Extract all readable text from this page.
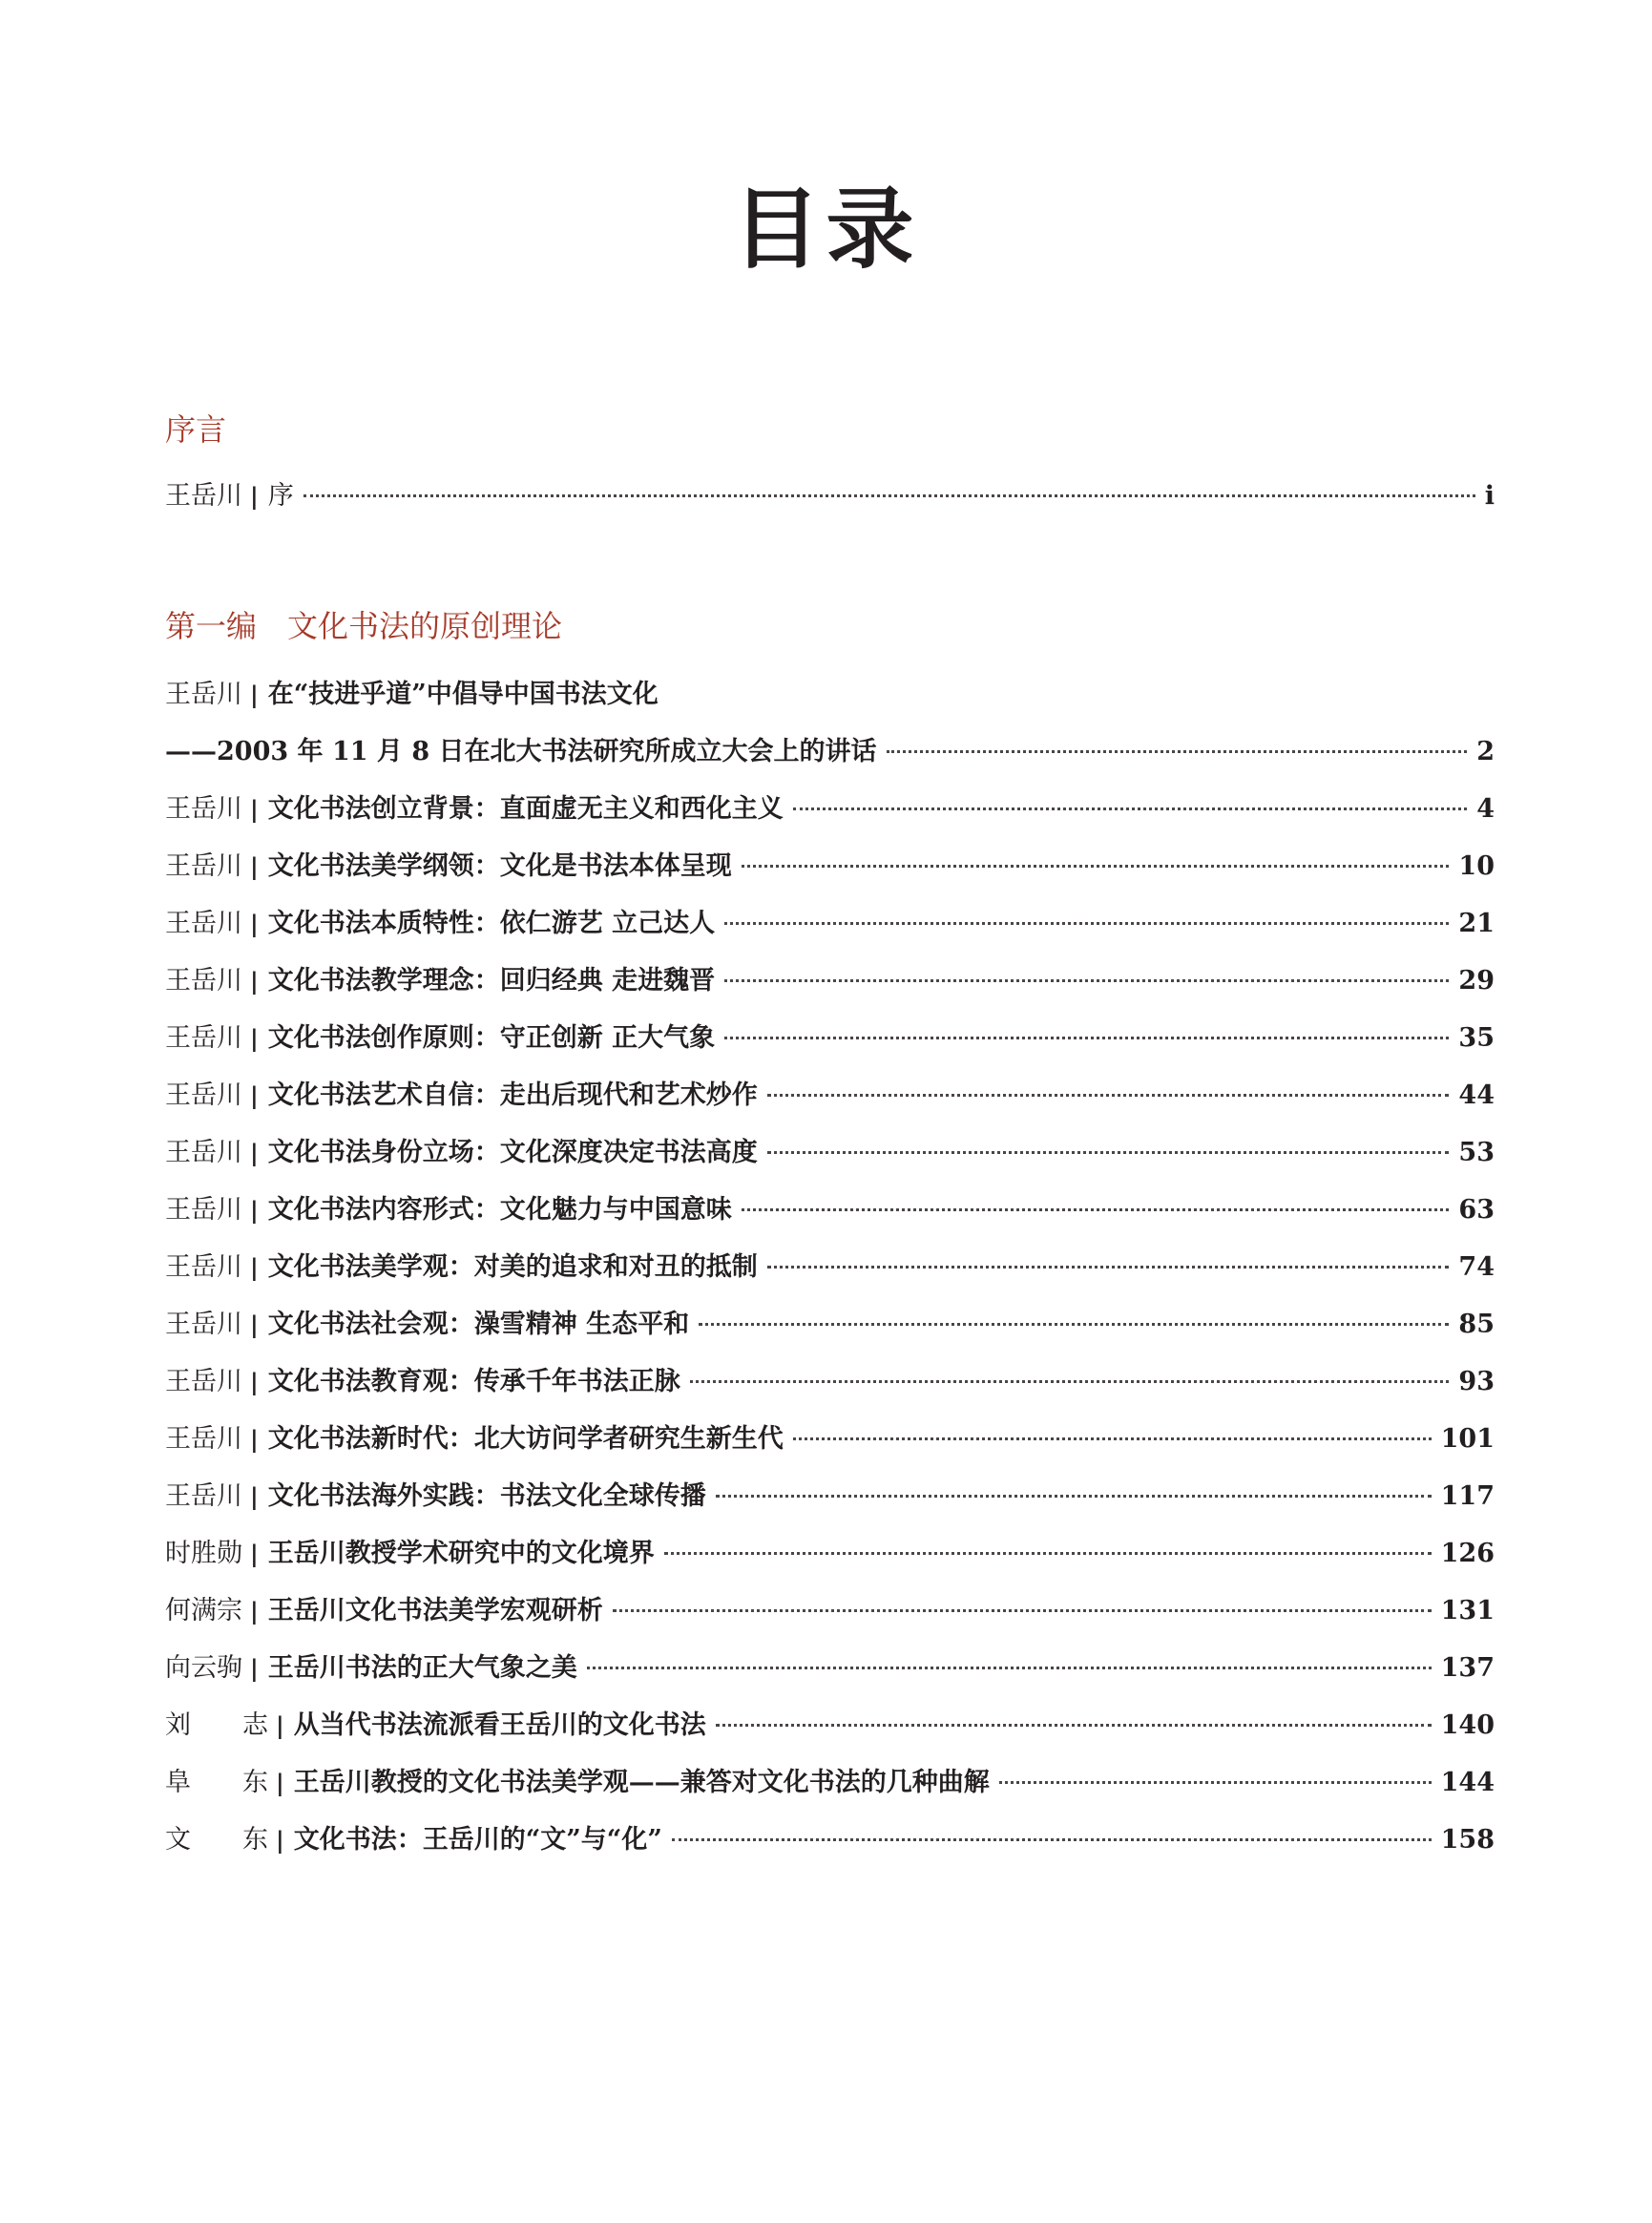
目录
序言
王岳川 | 序	i
第一编 文化书法的原创理论
王岳川 | 在“技进乎道”中倡导中国书法文化
——2003 年 11 月 8 日在北大书法研究所成立大会上的讲话	2
王岳川 | 文化书法创立背景：直面虚无主义和西化主义	4
王岳川 | 文化书法美学纲领：文化是书法本体呈现	10
王岳川 | 文化书法本质特性：依仁游艺 立己达人	21
王岳川 | 文化书法教学理念：回归经典 走进魏晋	29
王岳川 | 文化书法创作原则：守正创新 正大气象	35
王岳川 | 文化书法艺术自信：走出后现代和艺术炒作	44
王岳川 | 文化书法身份立场：文化深度决定书法高度	53
王岳川 | 文化书法内容形式：文化魅力与中国意味	63
王岳川 | 文化书法美学观：对美的追求和对丑的抵制	74
王岳川 | 文化书法社会观：澡雪精神 生态平和	85
王岳川 | 文化书法教育观：传承千年书法正脉	93
王岳川 | 文化书法新时代：北大访问学者研究生新生代	101
王岳川 | 文化书法海外实践：书法文化全球传播	117
时胜勋 | 王岳川教授学术研究中的文化境界	126
何满宗 | 王岳川文化书法美学宏观研析	131
向云驹 | 王岳川书法的正大气象之美	137
刘 志 | 从当代书法流派看王岳川的文化书法	140
阜 东 | 王岳川教授的文化书法美学观——兼答对文化书法的几种曲解	144
文 东 | 文化书法：王岳川的“文”与“化”	158
